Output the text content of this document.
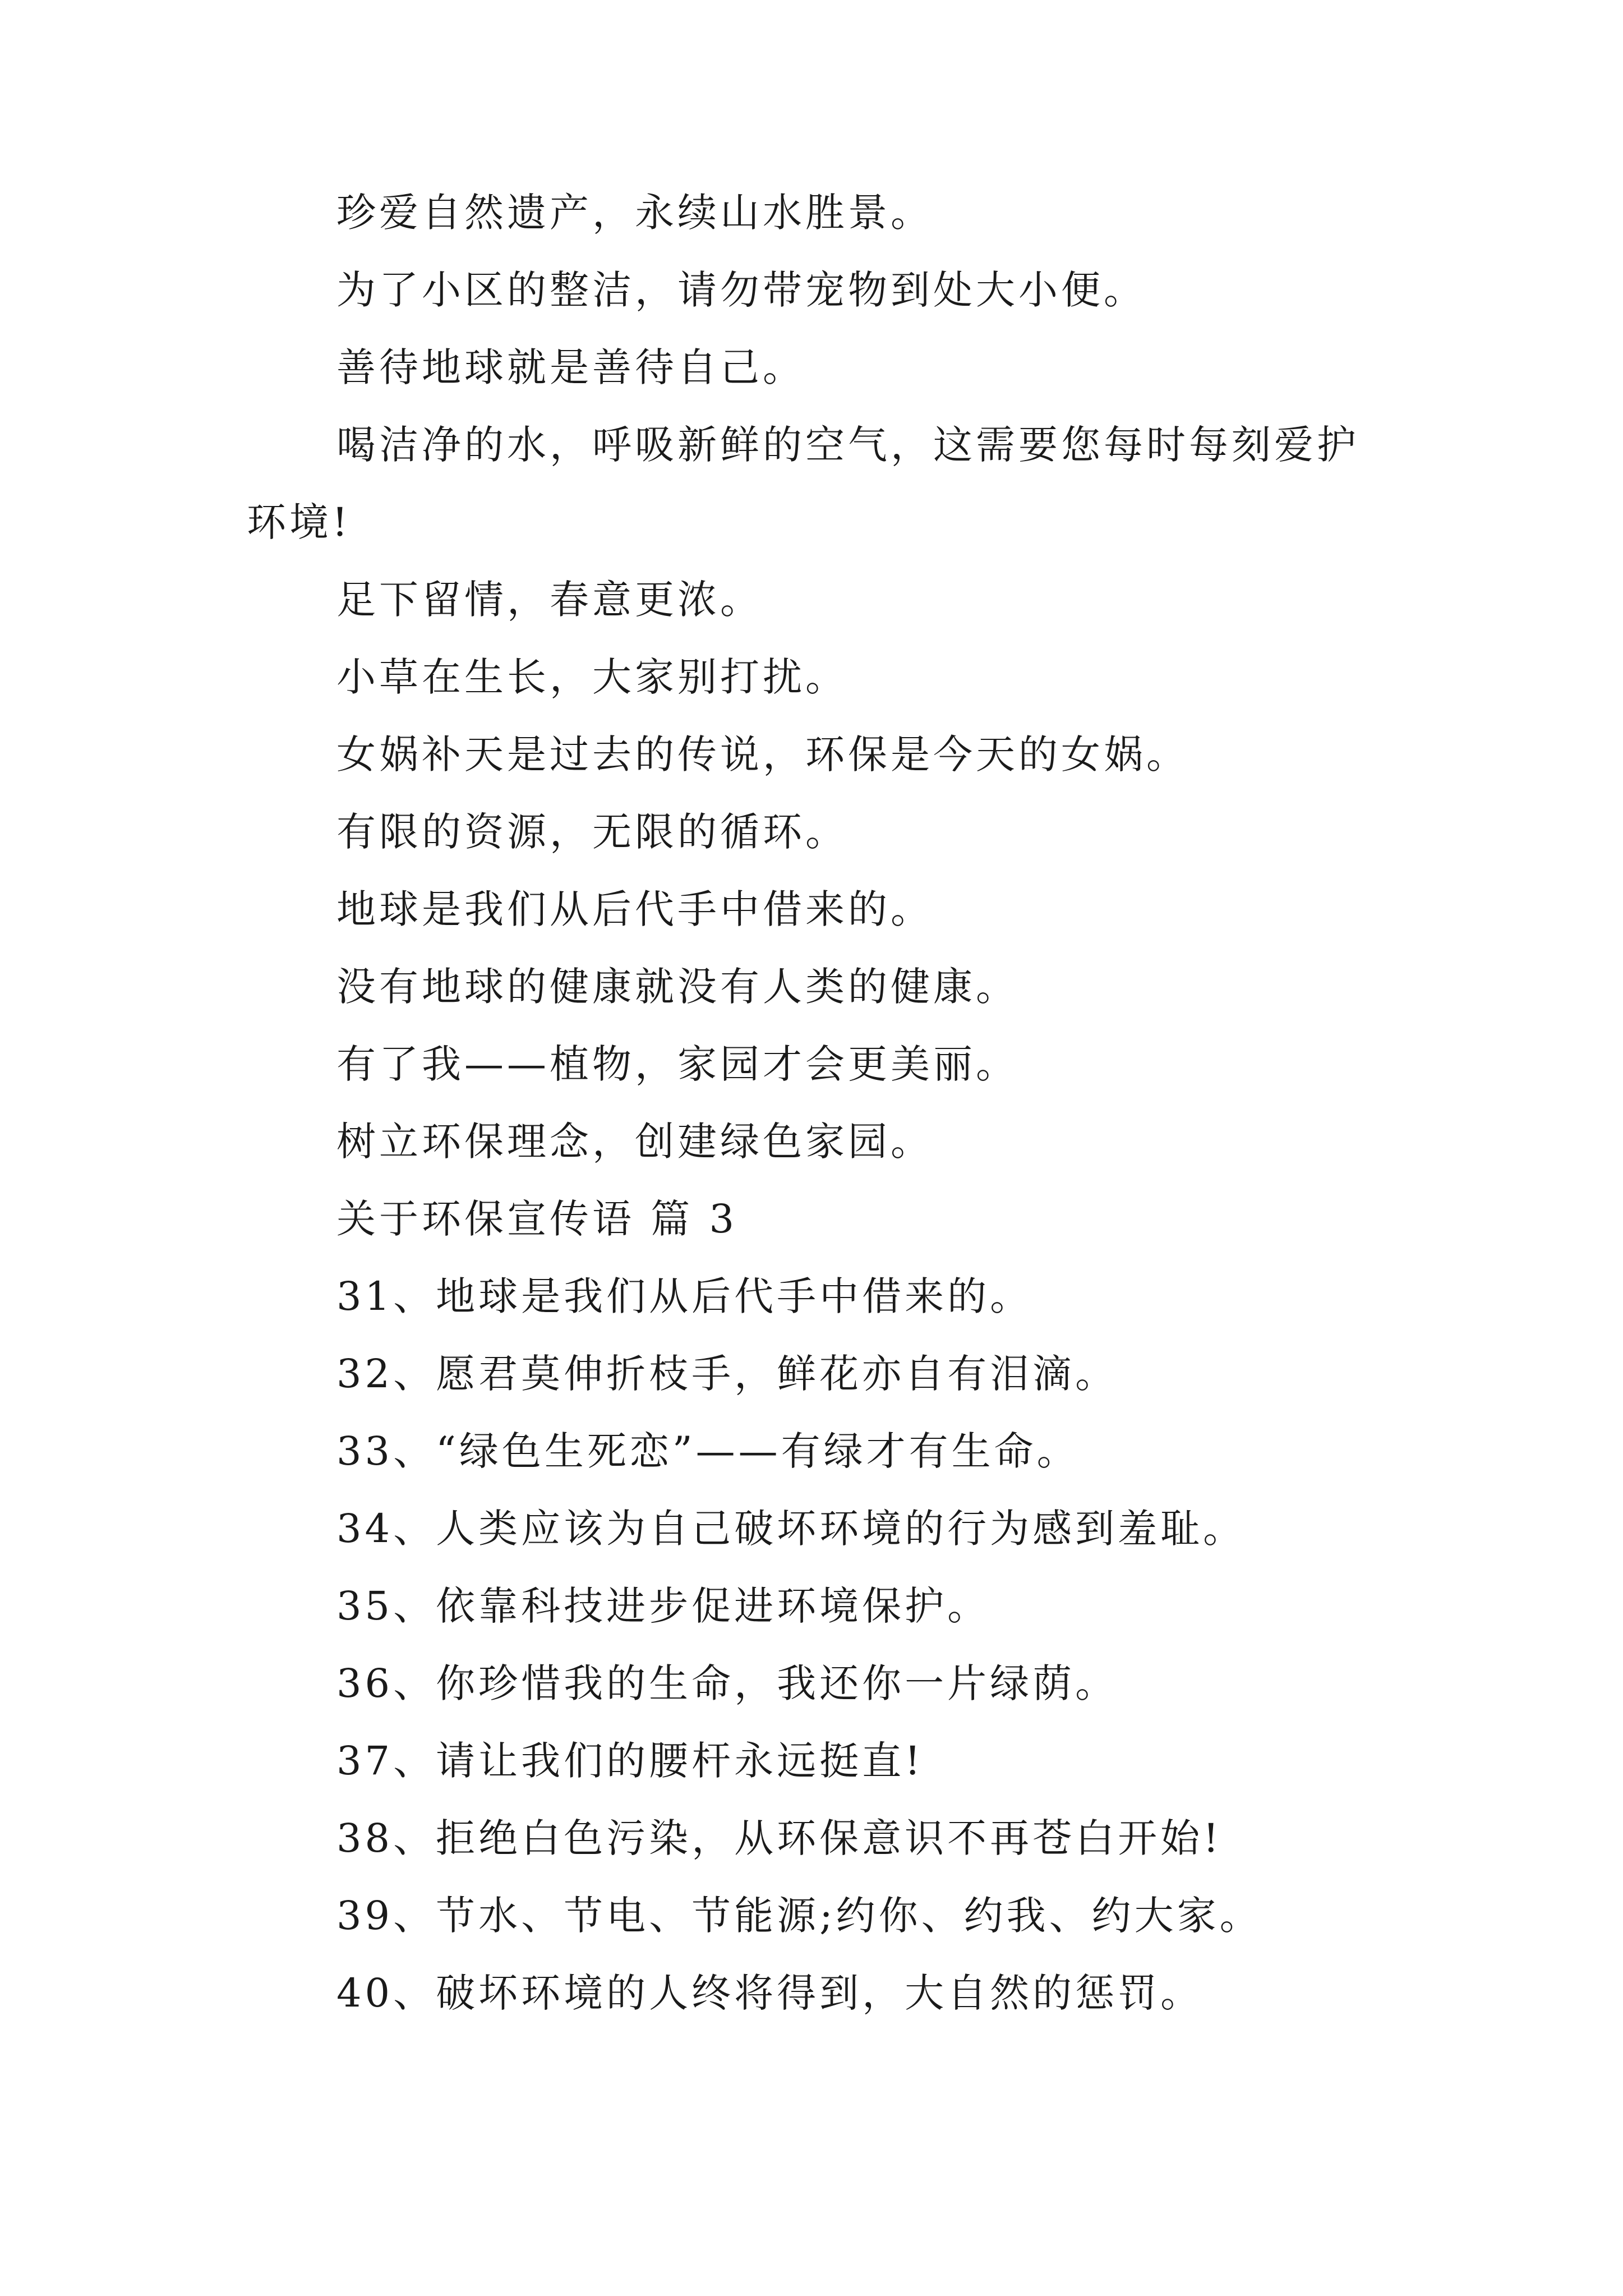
珍爱自然遗产，永续山水胜景。
为了小区的整洁，请勿带宠物到处大小便。
善待地球就是善待自己。
喝洁净的水，呼吸新鲜的空气，这需要您每时每刻爱护
环境!
足下留情，春意更浓。
小草在生长，大家别打扰。
女娲补天是过去的传说，环保是今天的女娲。
有限的资源，无限的循环。
地球是我们从后代手中借来的。
没有地球的健康就没有人类的健康。
有了我——植物，家园才会更美丽。
树立环保理念，创建绿色家园。
关于环保宣传语 篇 3
31、地球是我们从后代手中借来的。
32、愿君莫伸折枝手，鲜花亦自有泪滴。
33、“绿色生死恋”——有绿才有生命。
34、人类应该为自己破坏环境的行为感到羞耻。
35、依靠科技进步促进环境保护。
36、你珍惜我的生命，我还你一片绿荫。
37、请让我们的腰杆永远挺直!
38、拒绝白色污染，从环保意识不再苍白开始!
39、节水、节电、节能源;约你、约我、约大家。
40、破坏环境的人终将得到，大自然的惩罚。
